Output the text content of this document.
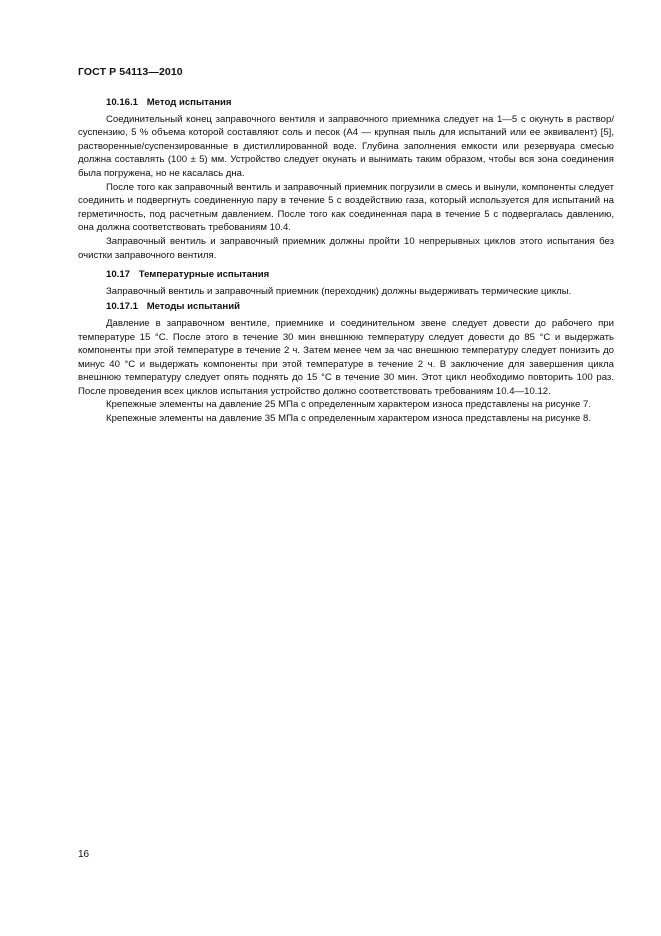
ГОСТ Р 54113—2010
10.16.1 Метод испытания

Соединительный конец заправочного вентиля и заправочного приемника следует на 1—5 с окунуть в раствор/суспензию, 5 % объема которой составляют соль и песок (А4 — крупная пыль для испытаний или ее эквивалент) [5], растворенные/суспензированные в дистиллированной воде. Глубина заполнения емкости или резервуара смесью должна составлять (100 ± 5) мм. Устройство следует окунать и вынимать таким образом, чтобы вся зона соединения была погружена, но не касалась дна.

После того как заправочный вентиль и заправочный приемник погрузили в смесь и вынули, компоненты следует соединить и подвергнуть соединенную пару в течение 5 с воздействию газа, который используется для испытаний на герметичность, под расчетным давлением. После того как соединенная пара в течение 5 с подвергалась давлению, она должна соответствовать требованиям 10.4.

Заправочный вентиль и заправочный приемник должны пройти 10 непрерывных циклов этого испытания без очистки заправочного вентиля.

10.17 Температурные испытания

Заправочный вентиль и заправочный приемник (переходник) должны выдерживать термические циклы.

10.17.1 Методы испытаний

Давление в заправочном вентиле, приемнике и соединительном звене следует довести до рабочего при температуре 15 °С. После этого в течение 30 мин внешнюю температуру следует довести до 85 °С и выдержать компоненты при этой температуре в течение 2 ч. Затем менее чем за час внешнюю температуру следует понизить до минус 40 °С и выдержать компоненты при этой температуре в течение 2 ч. В заключение для завершения цикла внешнюю температуру следует опять поднять до 15 °С в течение 30 мин. Этот цикл необходимо повторить 100 раз. После проведения всех циклов испытания устройство должно соответствовать требованиям 10.4—10.12.

Крепежные элементы на давление 25 МПа с определенным характером износа представлены на рисунке 7.

Крепежные элементы на давление 35 МПа с определенным характером износа представлены на рисунке 8.

16
